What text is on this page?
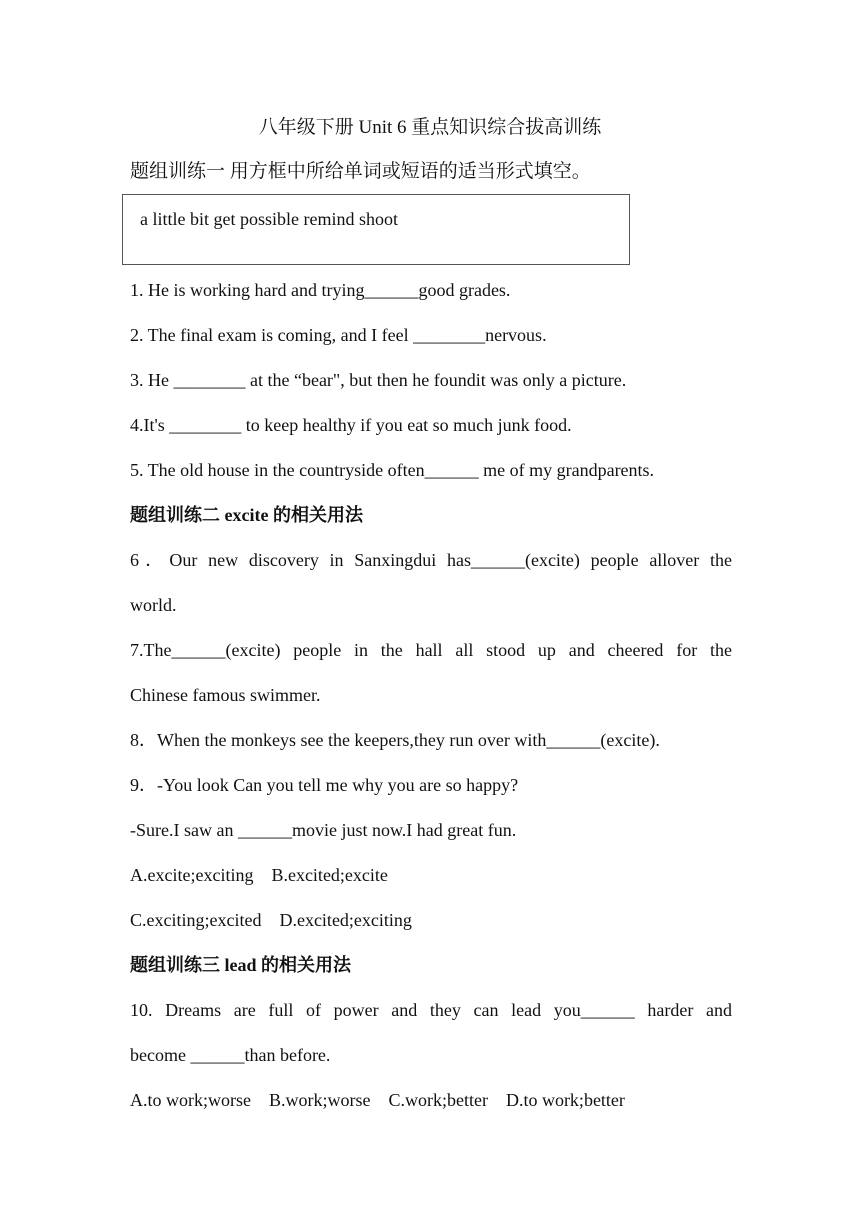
八年级下册 Unit 6 重点知识综合拔高训练
题组训练一 用方框中所给单词或短语的适当形式填空。
a little bit get possible remind shoot
1. He is working hard and trying______good grades.
2. The final exam is coming, and I feel ________nervous.
3. He ________ at the “bear", but then he foundit was only a picture.
4.It's ________ to keep healthy if you eat so much junk food.
5. The old house in the countryside often______ me of my grandparents.
题组训练二 excite 的相关用法
6．Our new discovery in Sanxingdui has______(excite) people allover the
world.
7.The______(excite) people in the hall all stood up and cheered for the
Chinese famous swimmer.
8．When the monkeys see the keepers,they run over with______(excite).
9．-You look Can you tell me why you are so happy?
-Sure.I saw an ______movie just now.I had great fun.
A.excite;exciting    B.excited;excite
C.exciting;excited    D.excited;exciting
题组训练三 lead 的相关用法
10. Dreams are full of power and they can lead you______ harder and
become ______than before.
A.to work;worse    B.work;worse    C.work;better    D.to work;better
